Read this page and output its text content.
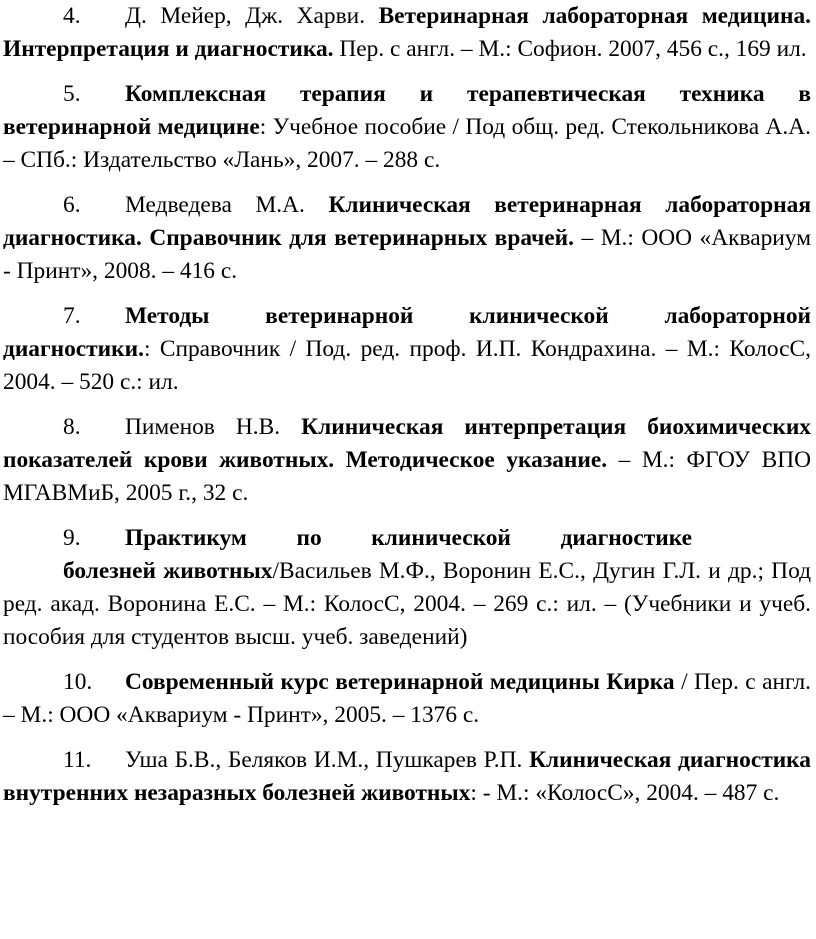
4. Д. Мейер, Дж. Харви. Ветеринарная лабораторная медицина. Интерпретация и диагностика. Пер. с англ. – М.: Софион. 2007, 456 с., 169 ил.

5. Комплексная терапия и терапевтическая техника в ветеринарной медицине: Учебное пособие / Под общ. ред. Стекольникова А.А. – СПб.: Издательство «Лань», 2007. – 288 с.

6. Медведева М.А. Клиническая ветеринарная лабораторная диагностика. Справочник для ветеринарных врачей. – М.: ООО «Аквариум - Принт», 2008. – 416 с.

7. Методы ветеринарной клинической лабораторной диагностики.: Справочник / Под. ред. проф. И.П. Кондрахина. – М.: КолосС, 2004. – 520 с.: ил.

8. Пименов Н.В. Клиническая интерпретация биохимических показателей крови животных. Методическое указание. – М.: ФГОУ ВПО МГАВМиБ, 2005 г., 32 с.

9.	Практикум по клинической диагностике
болезней животных/Васильев М.Ф., Воронин Е.С., Дугин Г.Л. и др.; Под ред. акад. Воронина Е.С. – М.: КолосС, 2004. – 269 с.: ил. – (Учебники и учеб. пособия для студентов высш. учеб. заведений)

10. Современный курс ветеринарной медицины Кирка / Пер. с англ. – М.: ООО «Аквариум - Принт», 2005. – 1376 с.

11. Уша Б.В., Беляков И.М., Пушкарев Р.П. Клиническая диагностика внутренних незаразных болезней животных: - М.: «КолосС», 2004. – 487 с.
